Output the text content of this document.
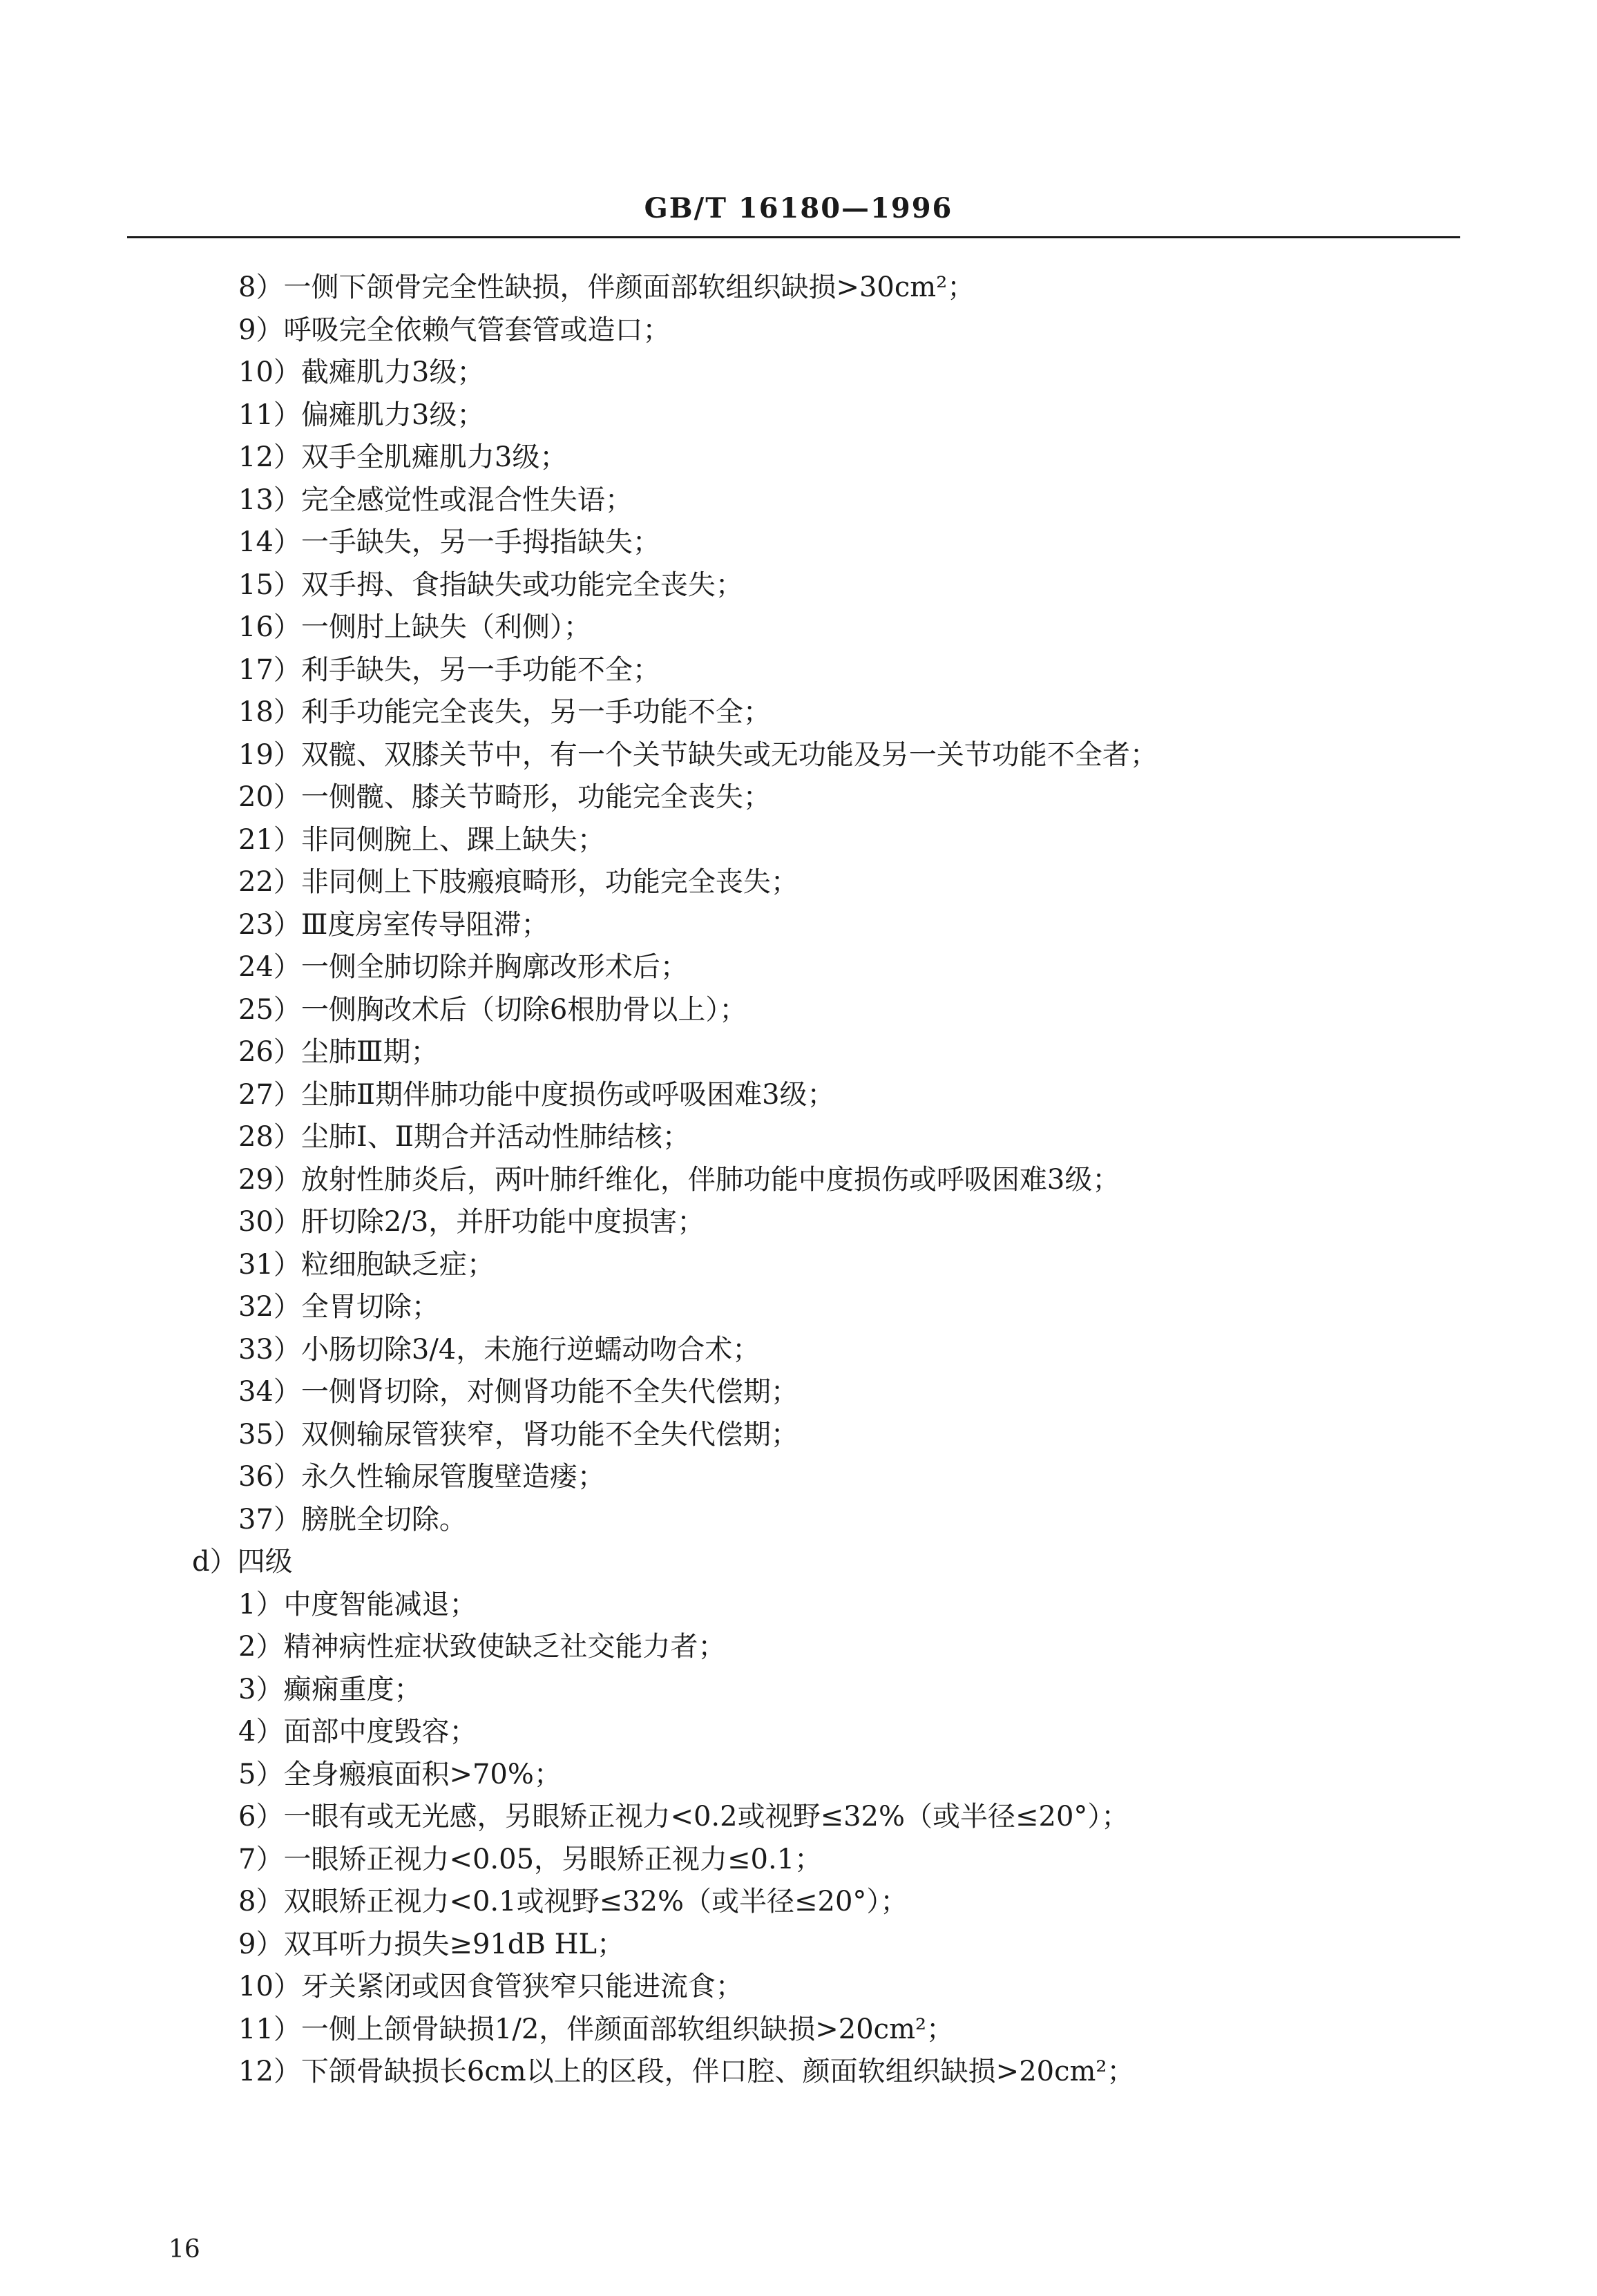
GB/T 16180—1996
8）一侧下颌骨完全性缺损，伴颜面部软组织缺损>30cm²；
9）呼吸完全依赖气管套管或造口；
10）截瘫肌力3级；
11）偏瘫肌力3级；
12）双手全肌瘫肌力3级；
13）完全感觉性或混合性失语；
14）一手缺失，另一手拇指缺失；
15）双手拇、食指缺失或功能完全丧失；
16）一侧肘上缺失（利侧）；
17）利手缺失，另一手功能不全；
18）利手功能完全丧失，另一手功能不全；
19）双髋、双膝关节中，有一个关节缺失或无功能及另一关节功能不全者；
20）一侧髋、膝关节畸形，功能完全丧失；
21）非同侧腕上、踝上缺失；
22）非同侧上下肢瘢痕畸形，功能完全丧失；
23）Ⅲ度房室传导阻滞；
24）一侧全肺切除并胸廓改形术后；
25）一侧胸改术后（切除6根肋骨以上）；
26）尘肺Ⅲ期；
27）尘肺Ⅱ期伴肺功能中度损伤或呼吸困难3级；
28）尘肺Ⅰ、Ⅱ期合并活动性肺结核；
29）放射性肺炎后，两叶肺纤维化，伴肺功能中度损伤或呼吸困难3级；
30）肝切除2/3，并肝功能中度损害；
31）粒细胞缺乏症；
32）全胃切除；
33）小肠切除3/4，未施行逆蠕动吻合术；
34）一侧肾切除，对侧肾功能不全失代偿期；
35）双侧输尿管狭窄，肾功能不全失代偿期；
36）永久性输尿管腹壁造瘘；
37）膀胱全切除。
d）四级
1）中度智能减退；
2）精神病性症状致使缺乏社交能力者；
3）癫痫重度；
4）面部中度毁容；
5）全身瘢痕面积>70%；
6）一眼有或无光感，另眼矫正视力<0.2或视野≤32%（或半径≤20°）；
7）一眼矫正视力<0.05，另眼矫正视力≤0.1；
8）双眼矫正视力<0.1或视野≤32%（或半径≤20°）；
9）双耳听力损失≥91dB HL；
10）牙关紧闭或因食管狭窄只能进流食；
11）一侧上颌骨缺损1/2，伴颜面部软组织缺损>20cm²；
12）下颌骨缺损长6cm以上的区段，伴口腔、颜面软组织缺损>20cm²；
16
